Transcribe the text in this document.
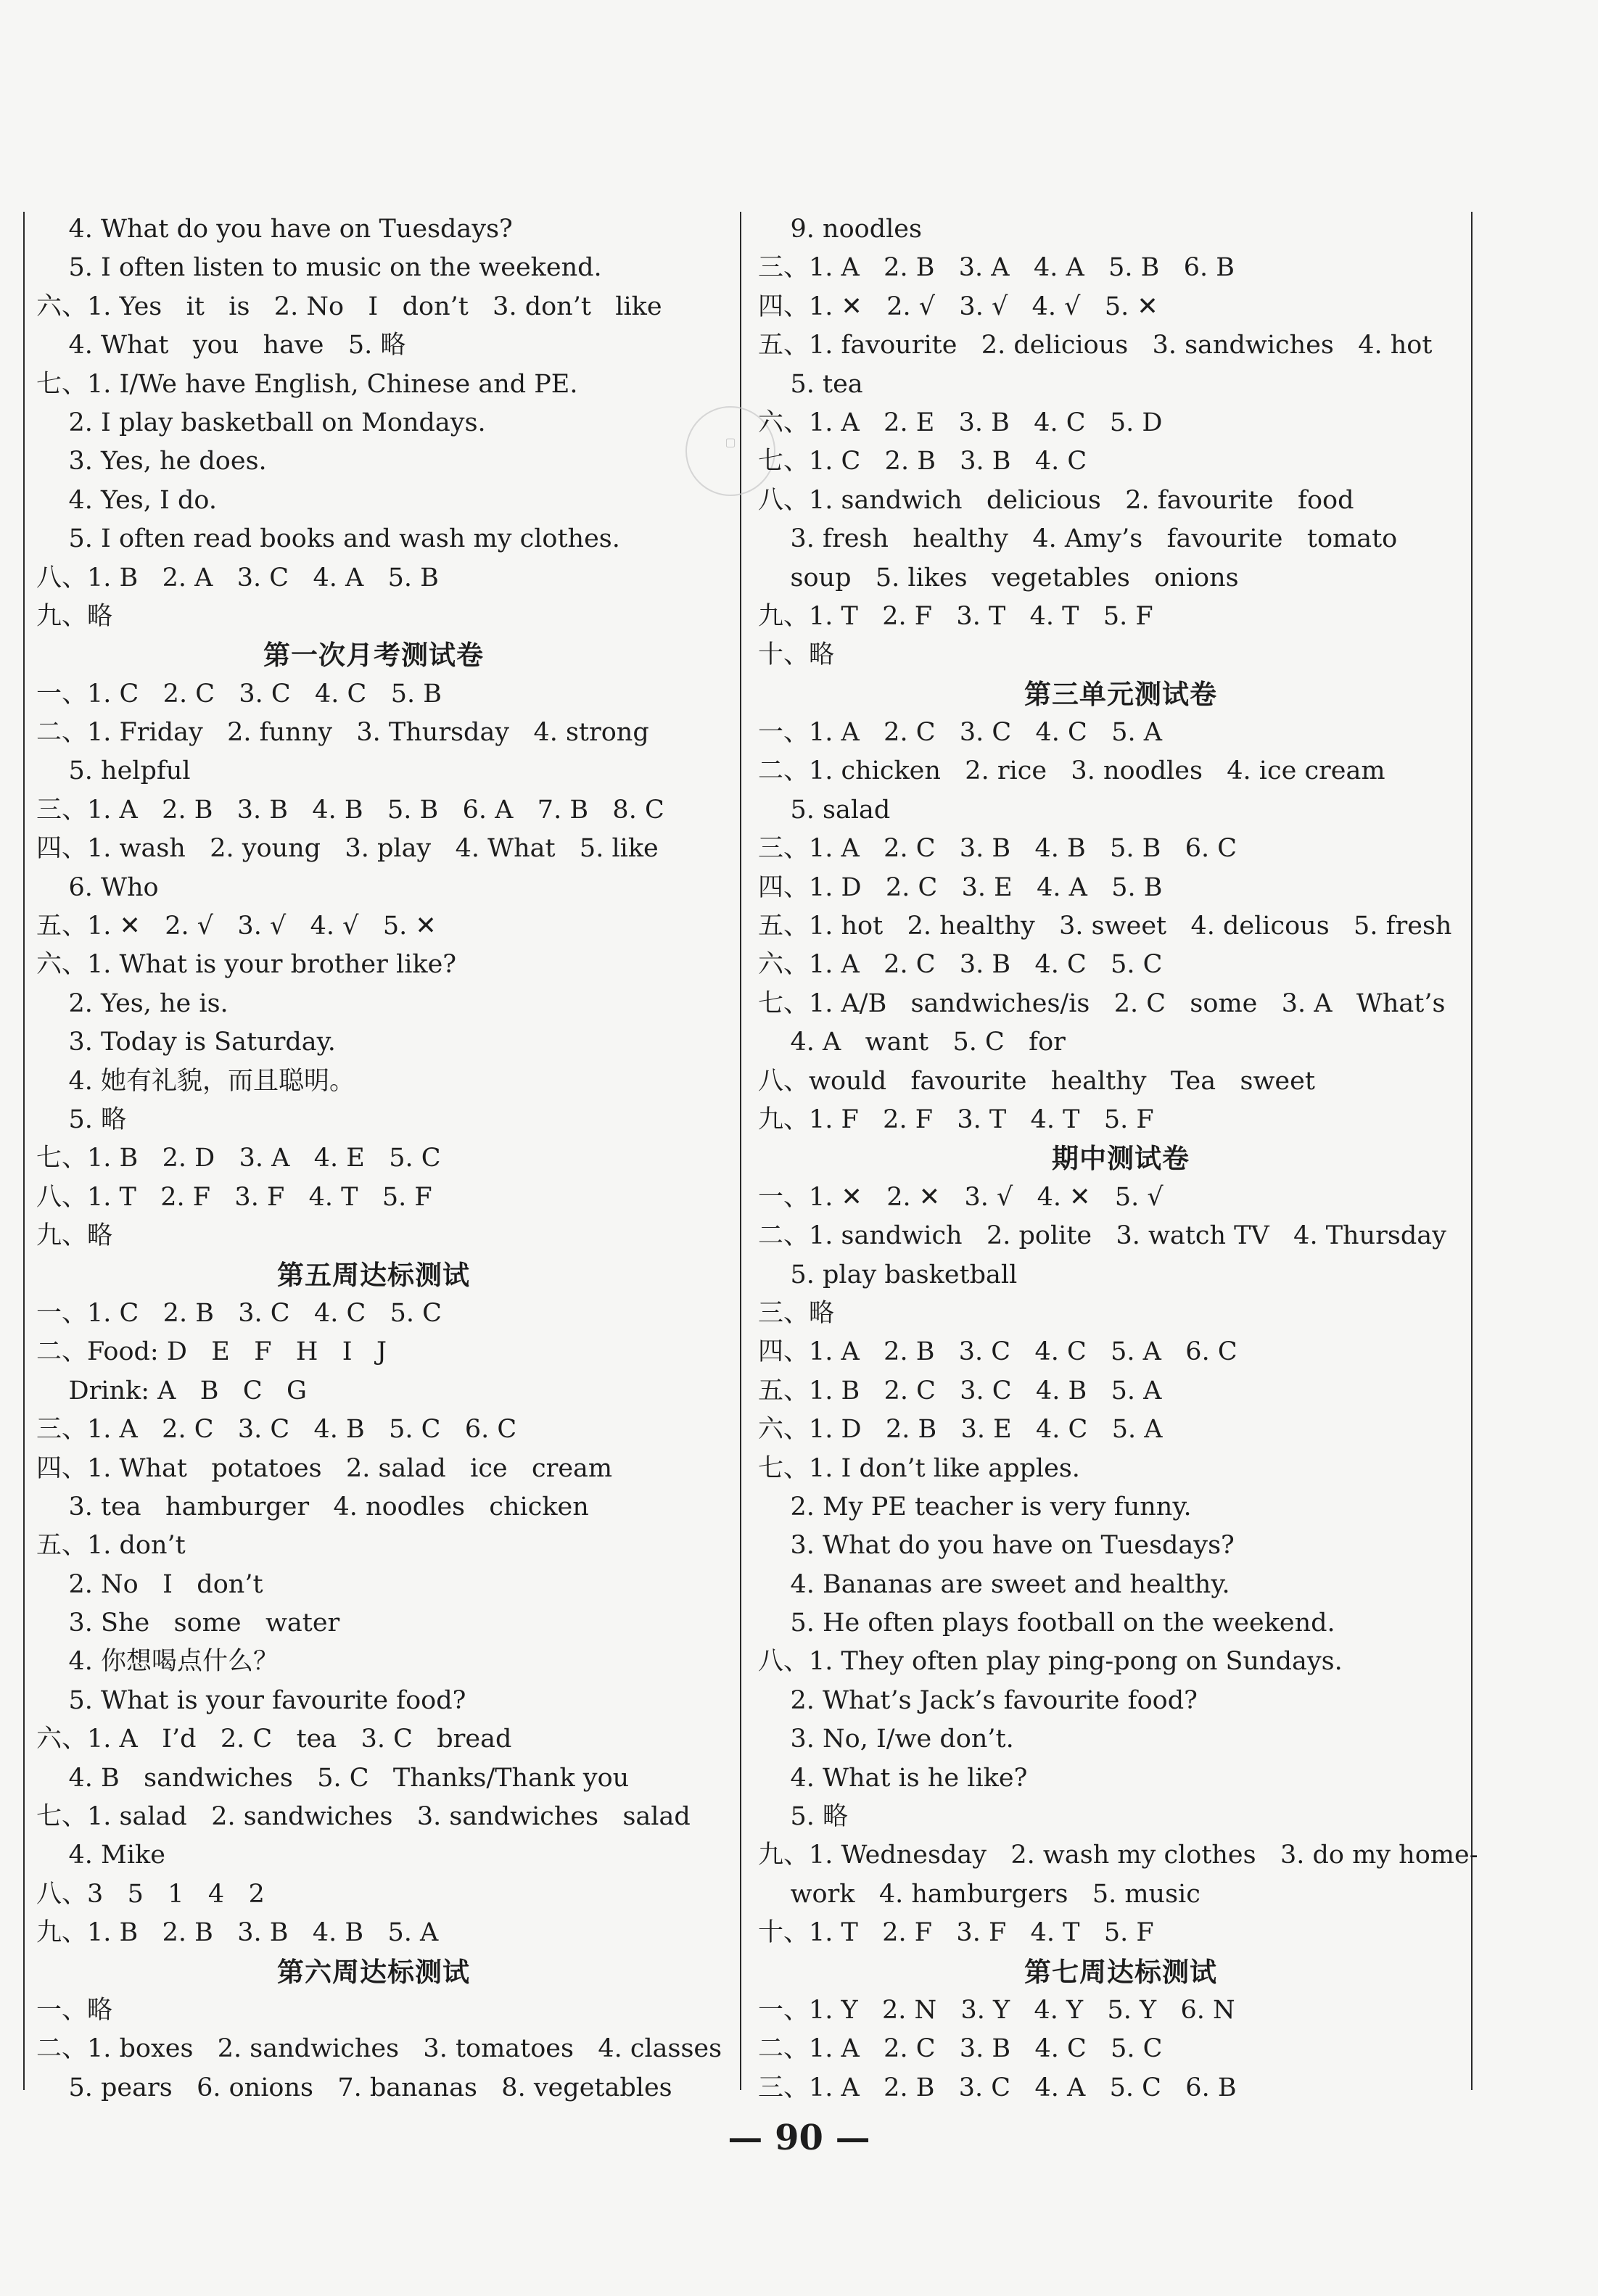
▢
4. What do you have on Tuesdays?
5. I often listen to music on the weekend.
六、1. Yes   it   is   2. No   I   don’t   3. don’t   like
4. What   you   have   5. 略
七、1. I/We have English, Chinese and PE.
2. I play basketball on Mondays.
3. Yes, he does.
4. Yes, I do.
5. I often read books and wash my clothes.
八、1. B   2. A   3. C   4. A   5. B
九、略
第一次月考测试卷
一、1. C   2. C   3. C   4. C   5. B
二、1. Friday   2. funny   3. Thursday   4. strong
5. helpful
三、1. A   2. B   3. B   4. B   5. B   6. A   7. B   8. C
四、1. wash   2. young   3. play   4. What   5. like
6. Who
五、1. ✕   2. √   3. √   4. √   5. ✕
六、1. What is your brother like?
2. Yes, he is.
3. Today is Saturday.
4. 她有礼貌，而且聪明。
5. 略
七、1. B   2. D   3. A   4. E   5. C
八、1. T   2. F   3. F   4. T   5. F
九、略
第五周达标测试
一、1. C   2. B   3. C   4. C   5. C
二、Food: D   E   F   H   I   J
Drink: A   B   C   G
三、1. A   2. C   3. C   4. B   5. C   6. C
四、1. What   potatoes   2. salad   ice   cream
3. tea   hamburger   4. noodles   chicken
五、1. don’t
2. No   I   don’t
3. She   some   water
4. 你想喝点什么？
5. What is your favourite food?
六、1. A   I’d   2. C   tea   3. C   bread
4. B   sandwiches   5. C   Thanks/Thank you
七、1. salad   2. sandwiches   3. sandwiches   salad
4. Mike
八、3   5   1   4   2
九、1. B   2. B   3. B   4. B   5. A
第六周达标测试
一、略
二、1. boxes   2. sandwiches   3. tomatoes   4. classes
5. pears   6. onions   7. bananas   8. vegetables
9. noodles
三、1. A   2. B   3. A   4. A   5. B   6. B
四、1. ✕   2. √   3. √   4. √   5. ✕
五、1. favourite   2. delicious   3. sandwiches   4. hot
5. tea
六、1. A   2. E   3. B   4. C   5. D
七、1. C   2. B   3. B   4. C
八、1. sandwich   delicious   2. favourite   food
3. fresh   healthy   4. Amy’s   favourite   tomato
soup   5. likes   vegetables   onions
九、1. T   2. F   3. T   4. T   5. F
十、略
第三单元测试卷
一、1. A   2. C   3. C   4. C   5. A
二、1. chicken   2. rice   3. noodles   4. ice cream
5. salad
三、1. A   2. C   3. B   4. B   5. B   6. C
四、1. D   2. C   3. E   4. A   5. B
五、1. hot   2. healthy   3. sweet   4. delicous   5. fresh
六、1. A   2. C   3. B   4. C   5. C
七、1. A/B   sandwiches/is   2. C   some   3. A   What’s
4. A   want   5. C   for
八、would   favourite   healthy   Tea   sweet
九、1. F   2. F   3. T   4. T   5. F
期中测试卷
一、1. ✕   2. ✕   3. √   4. ✕   5. √
二、1. sandwich   2. polite   3. watch TV   4. Thursday
5. play basketball
三、略
四、1. A   2. B   3. C   4. C   5. A   6. C
五、1. B   2. C   3. C   4. B   5. A
六、1. D   2. B   3. E   4. C   5. A
七、1. I don’t like apples.
2. My PE teacher is very funny.
3. What do you have on Tuesdays?
4. Bananas are sweet and healthy.
5. He often plays football on the weekend.
八、1. They often play ping-pong on Sundays.
2. What’s Jack’s favourite food?
3. No, I/we don’t.
4. What is he like?
5. 略
九、1. Wednesday   2. wash my clothes   3. do my home-
work   4. hamburgers   5. music
十、1. T   2. F   3. F   4. T   5. F
第七周达标测试
一、1. Y   2. N   3. Y   4. Y   5. Y   6. N
二、1. A   2. C   3. B   4. C   5. C
三、1. A   2. B   3. C   4. A   5. C   6. B
— 90 —
